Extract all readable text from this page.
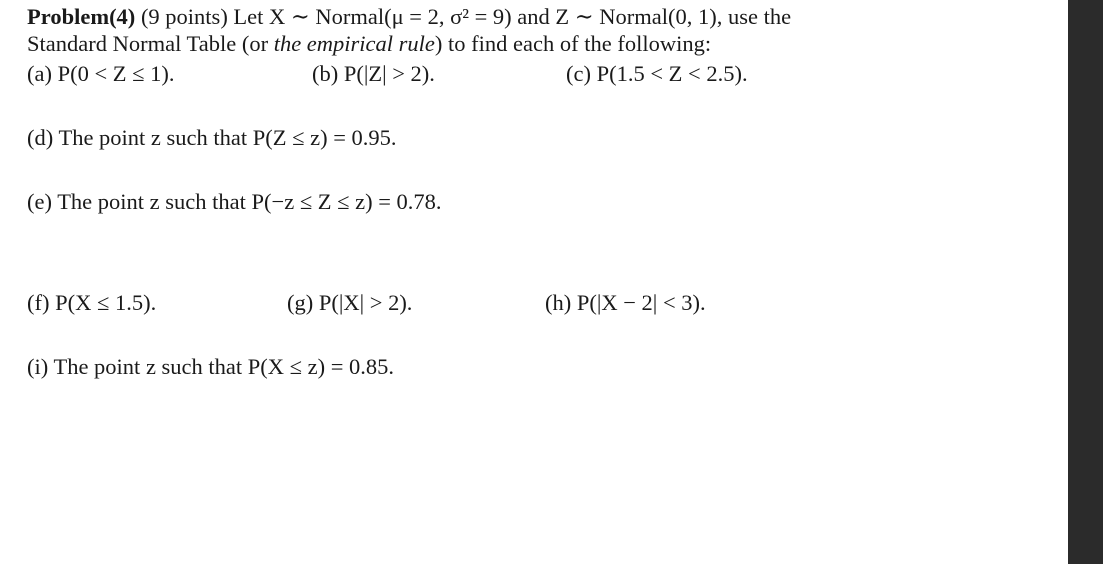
Problem(4) (9 points) Let X ∼ Normal(μ = 2, σ² = 9) and Z ∼ Normal(0, 1), use the
Standard Normal Table (or the empirical rule) to find each of the following:
(a) P(0 < Z ≤ 1).	(b) P(|Z| > 2).	(c) P(1.5 < Z < 2.5).
(d) The point z such that P(Z ≤ z) = 0.95.
(e) The point z such that P(−z ≤ Z ≤ z) = 0.78.
(f) P(X ≤ 1.5).	(g) P(|X| > 2).	(h) P(|X − 2| < 3).
(i) The point z such that P(X ≤ z) = 0.85.
